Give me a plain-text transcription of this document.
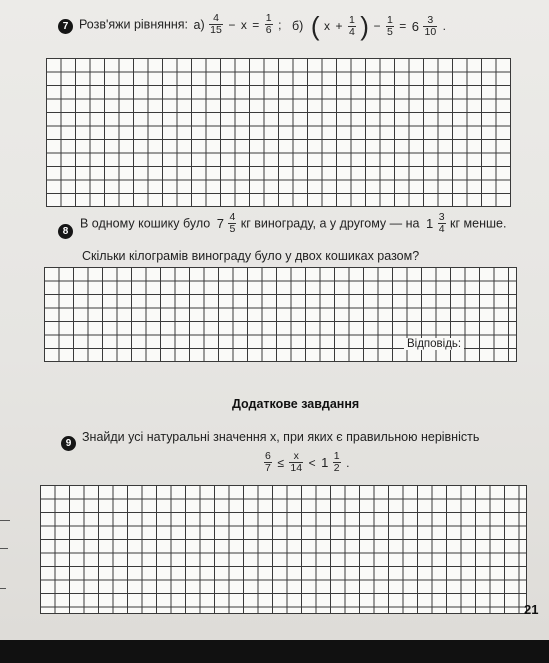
7 Розв'яжи рівняння: $а) \frac{4}{15} - x = \frac{1}{6}$ ; б) ( $x + \frac{1}{4}$ ) − $\frac{1}{5} = 6 \frac{3}{10}$ .
8
В одному кошику було $7 \frac{4}{5}$ кг винограду, а у другому — на $1 \frac{3}{4}$ кг менше.
Скільки кілограмів винограду було у двох кошиках разом?
Відповідь:
Додаткове завдання
9 Знайди усі натуральні значення x, при яких є правильною нерівність
$\frac{6}{7} \le \frac{x}{14} < 1 \frac{1}{2}$ .
21
